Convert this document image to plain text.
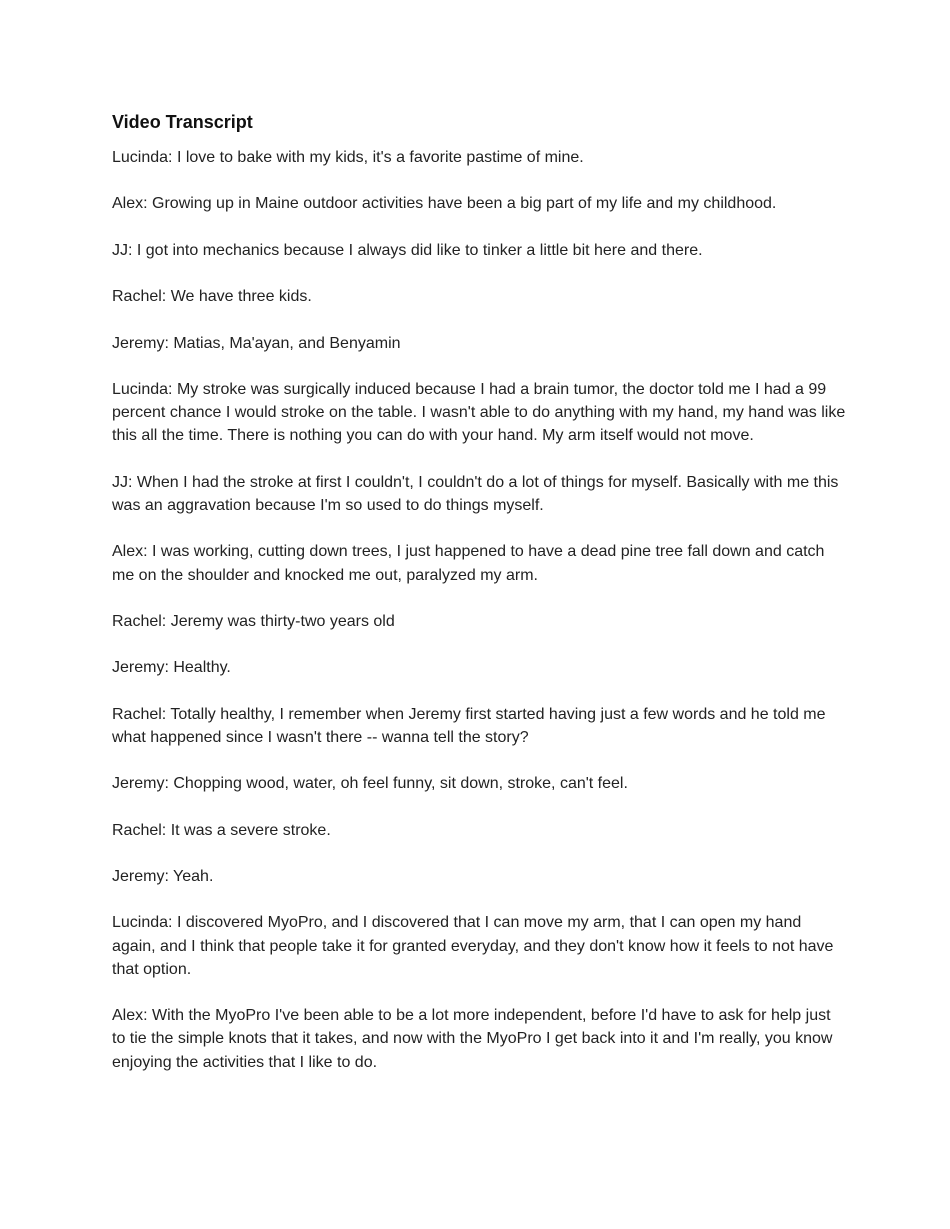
Video Transcript

Lucinda: I love to bake with my kids, it's a favorite pastime of mine.

Alex: Growing up in Maine outdoor activities have been a big part of my life and my childhood.

JJ: I got into mechanics because I always did like to tinker a little bit here and there.

Rachel: We have three kids.

Jeremy: Matias, Ma'ayan, and Benyamin

Lucinda: My stroke was surgically induced because I had a brain tumor, the doctor told me I had a 99 percent chance I would stroke on the table. I wasn't able to do anything with my hand, my hand was like this all the time. There is nothing you can do with your hand. My arm itself would not move.

JJ: When I had the stroke at first I couldn't, I couldn't do a lot of things for myself. Basically with me this was an aggravation because I'm so used to do things myself.

Alex: I was working, cutting down trees, I just happened to have a dead pine tree fall down and catch me on the shoulder and knocked me out, paralyzed my arm.

Rachel: Jeremy was thirty-two years old

Jeremy: Healthy.

Rachel: Totally healthy, I remember when Jeremy first started having just a few words and he told me what happened since I wasn't there -- wanna tell the story?

Jeremy: Chopping wood, water, oh feel funny, sit down, stroke, can't feel.

Rachel: It was a severe stroke.

Jeremy: Yeah.

Lucinda: I discovered MyoPro, and I discovered that I can move my arm, that I can open my hand again, and I think that people take it for granted everyday, and they don't know how it feels to not have that option.

Alex: With the MyoPro I've been able to be a lot more independent, before I'd have to ask for help just to tie the simple knots that it takes, and now with the MyoPro I get back into it and I'm really, you know enjoying the activities that I like to do.
